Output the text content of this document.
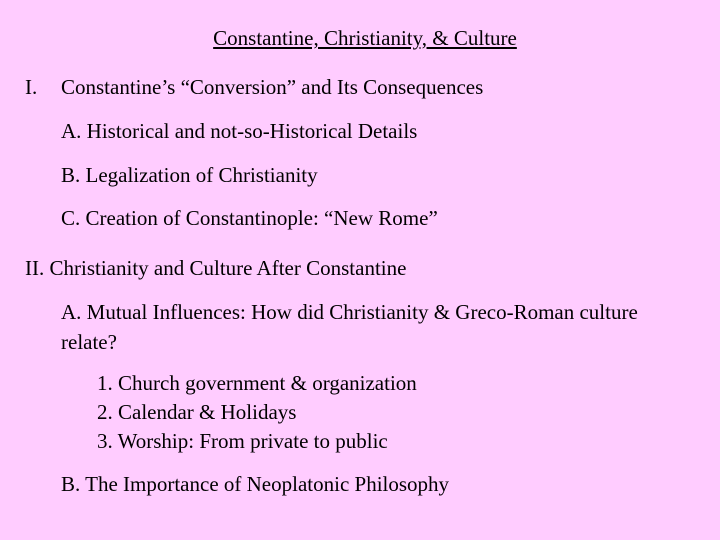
Constantine, Christianity, & Culture
I. Constantine’s “Conversion” and Its Consequences
A. Historical and not-so-Historical Details
B. Legalization of Christianity
C. Creation of Constantinople: “New Rome”
II. Christianity and Culture After Constantine
A. Mutual Influences: How did Christianity & Greco-Roman culture relate?
1. Church government & organization
2. Calendar & Holidays
3. Worship: From private to public
B. The Importance of Neoplatonic Philosophy
